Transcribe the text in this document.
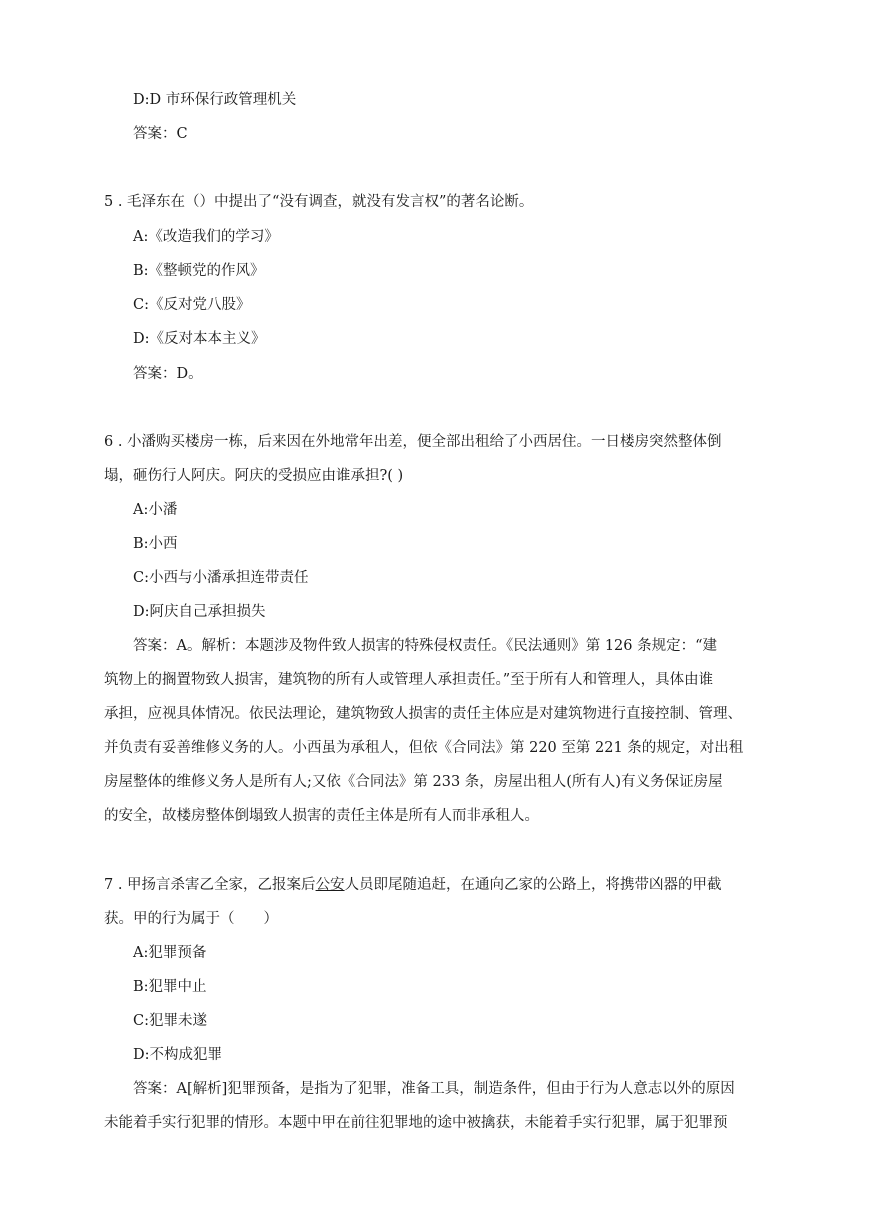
D:D 市环保行政管理机关
答案：C
5 . 毛泽东在（）中提出了“没有调查，就没有发言权”的著名论断。
A:《改造我们的学习》
B:《整顿党的作风》
C:《反对党八股》
D:《反对本本主义》
答案：D。
6 . 小潘购买楼房一栋，后来因在外地常年出差，便全部出租给了小西居住。一日楼房突然整体倒
塌，砸伤行人阿庆。阿庆的受损应由谁承担?( )
A:小潘
B:小西
C:小西与小潘承担连带责任
D:阿庆自己承担损失
答案：A。解析：本题涉及物件致人损害的特殊侵权责任。《民法通则》第 126 条规定：“建
筑物上的搁置物致人损害，建筑物的所有人或管理人承担责任。”至于所有人和管理人，具体由谁
承担，应视具体情况。依民法理论，建筑物致人损害的责任主体应是对建筑物进行直接控制、管理、
并负责有妥善维修义务的人。小西虽为承租人，但依《合同法》第 220 至第 221 条的规定，对出租
房屋整体的维修义务人是所有人;又依《合同法》第 233 条，房屋出租人(所有人)有义务保证房屋
的安全，故楼房整体倒塌致人损害的责任主体是所有人而非承租人。
7 . 甲扬言杀害乙全家，乙报案后公安人员即尾随追赶，在通向乙家的公路上，将携带凶器的甲截
获。甲的行为属于（　　）
A:犯罪预备
B:犯罪中止
C:犯罪未遂
D:不构成犯罪
答案：A[解析]犯罪预备，是指为了犯罪，准备工具，制造条件，但由于行为人意志以外的原因
未能着手实行犯罪的情形。本题中甲在前往犯罪地的途中被擒获，未能着手实行犯罪，属于犯罪预
